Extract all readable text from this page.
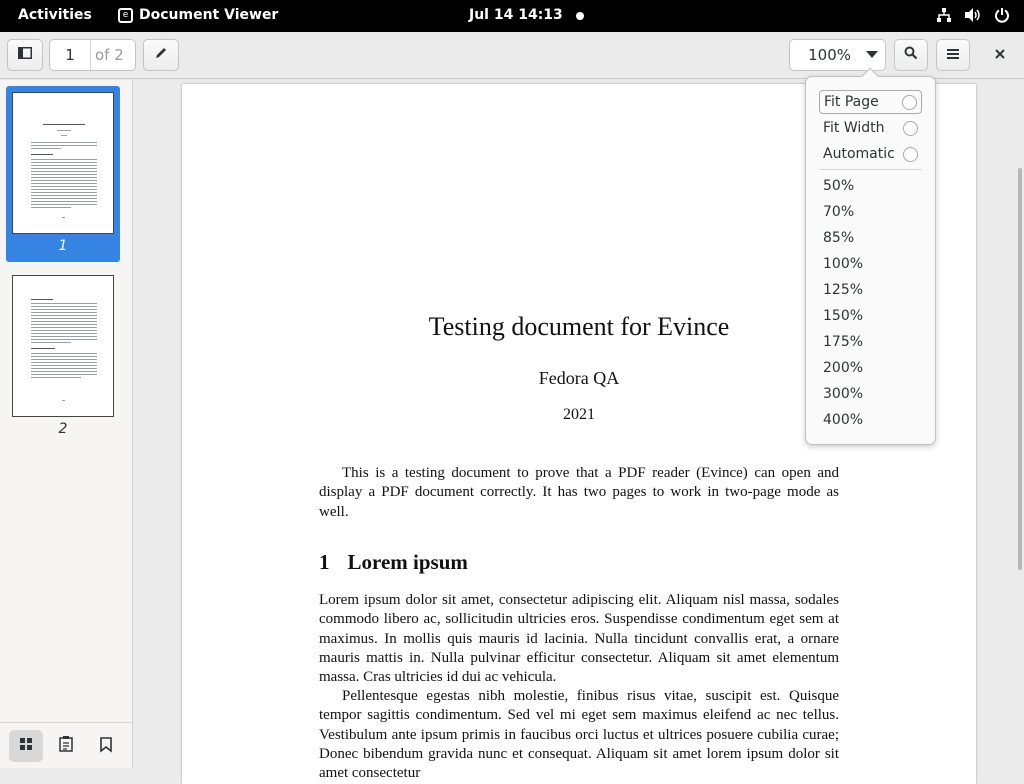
Activities	e Document Viewer	Jul 14 14:13
1	of 2	100%
1
2
Testing document for Evince
Fedora QA
2021
This is a testing document to prove that a PDF reader (Evince) can open and display a PDF document correctly. It has two pages to work in two-page mode as well.
1 Lorem ipsum
Lorem ipsum dolor sit amet, consectetur adipiscing elit. Aliquam nisl massa, sodales commodo libero ac, sollicitudin ultricies eros. Suspendisse condimentum eget sem at maximus. In mollis quis mauris id lacinia. Nulla tincidunt convallis erat, a ornare mauris mattis in. Nulla pulvinar efficitur consectetur. Aliquam sit amet elementum massa. Cras ultricies id dui ac vehicula.
Pellentesque egestas nibh molestie, finibus risus vitae, suscipit est. Quisque tempor sagittis condimentum. Sed vel mi eget sem maximus eleifend ac nec tellus. Vestibulum ante ipsum primis in faucibus orci luctus et ultrices posuere cubilia curae; Donec bibendum gravida nunc et consequat. Aliquam sit amet lorem ipsum dolor sit amet consectetur
Fit Page
Fit Width
Automatic
50%
70%
85%
100%
125%
150%
175%
200%
300%
400%
